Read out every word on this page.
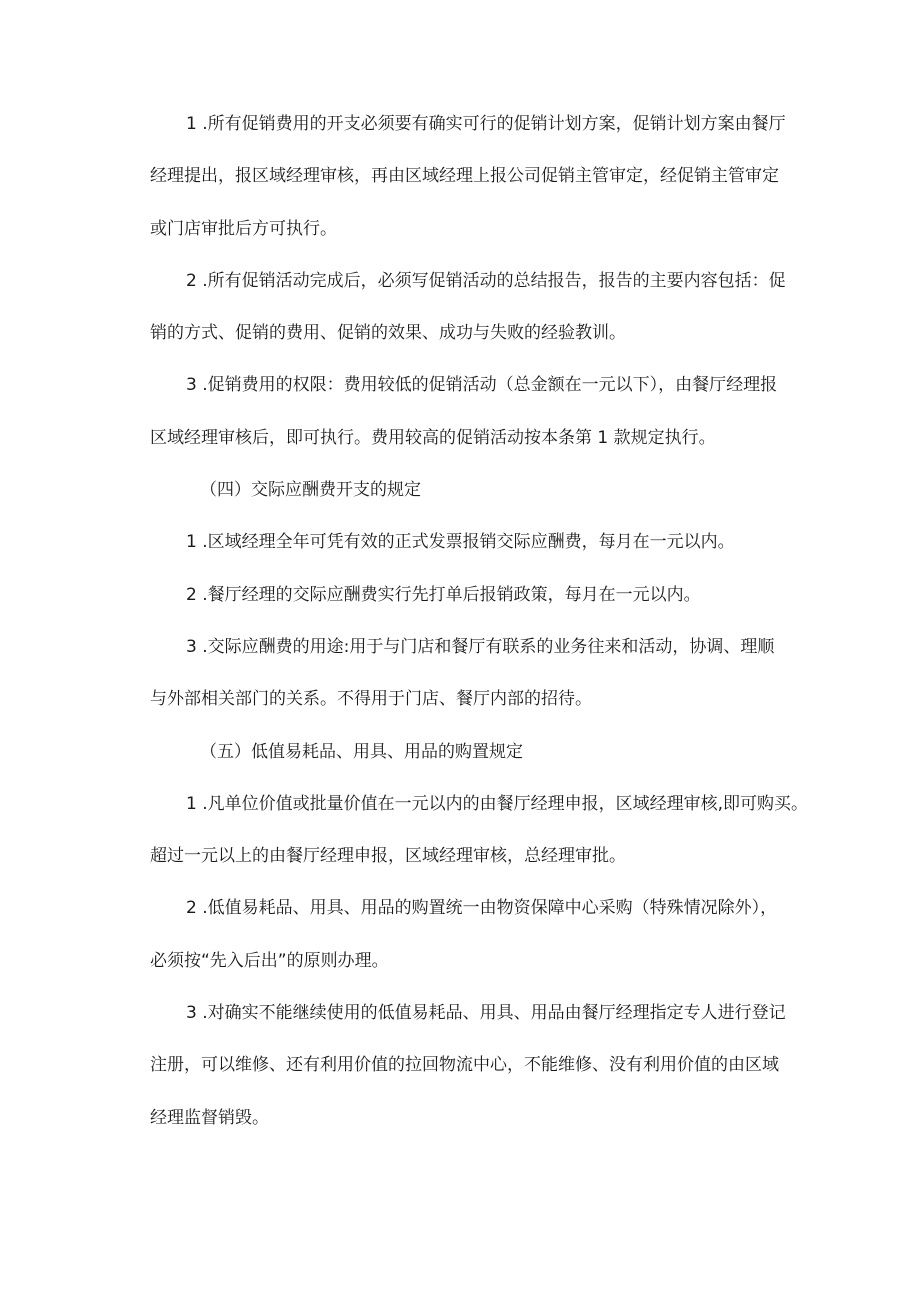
1 .所有促销费用的开支必须要有确实可行的促销计划方案，促销计划方案由餐厅
经理提出，报区域经理审核，再由区域经理上报公司促销主管审定，经促销主管审定
或门店审批后方可执行。
2 .所有促销活动完成后，必须写促销活动的总结报告，报告的主要内容包括：促
销的方式、促销的费用、促销的效果、成功与失败的经验教训。
3 .促销费用的权限：费用较低的促销活动（总金额在一元以下），由餐厅经理报
区域经理审核后，即可执行。费用较高的促销活动按本条第 1 款规定执行。
（四）交际应酬费开支的规定
1 .区域经理全年可凭有效的正式发票报销交际应酬费，每月在一元以内。
2 .餐厅经理的交际应酬费实行先打单后报销政策，每月在一元以内。
3 .交际应酬费的用途:用于与门店和餐厅有联系的业务往来和活动，协调、理顺
与外部相关部门的关系。不得用于门店、餐厅内部的招待。
（五）低值易耗品、用具、用品的购置规定
1 .凡单位价值或批量价值在一元以内的由餐厅经理申报，区域经理审核,即可购买。
超过一元以上的由餐厅经理申报，区域经理审核，总经理审批。
2 .低值易耗品、用具、用品的购置统一由物资保障中心采购（特殊情况除外），
必须按“先入后出”的原则办理。
3 .对确实不能继续使用的低值易耗品、用具、用品由餐厅经理指定专人进行登记
注册，可以维修、还有利用价值的拉回物流中心，不能维修、没有利用价值的由区域
经理监督销毁。
